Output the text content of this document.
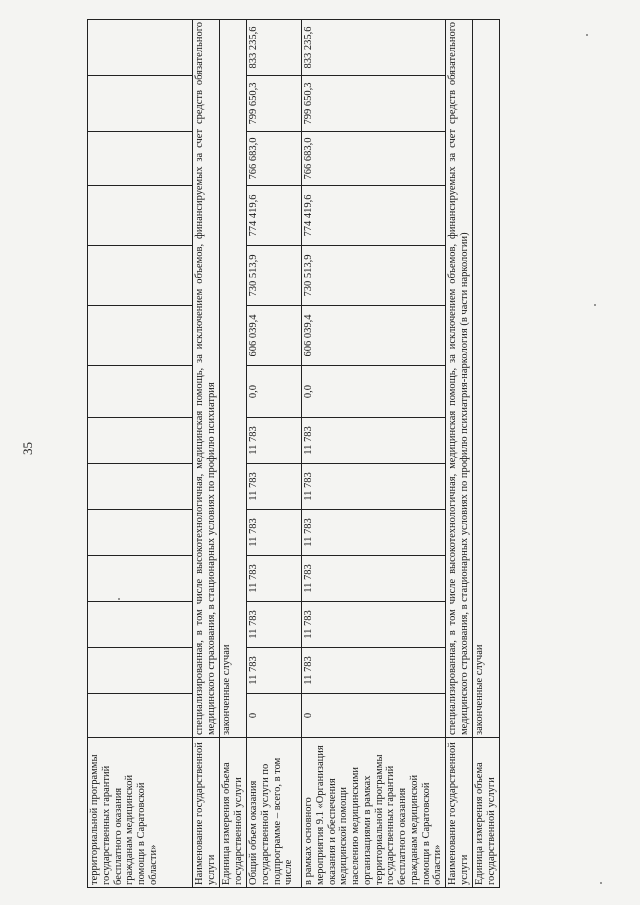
35
территориальной программы государственных гарантий бесплатного оказания гражданам медицинской помощи в Саратовской области»														
Наименование государственной услуги	специализированная, в том числе высокотехнологичная, медицинская помощь, за исключением объемов, финансируемых за счет средств обязательного медицинского страхования, в стационарных условиях по профилю психиатрия													
Единица измерения объема государственной услуги	законченные случаи													
Общий объем оказания государственной услуги по подпрограмме – всего, в том числе	0	11 783	11 783	11 783	11 783	11 783	11 783	0,0	606 039,4	730 513,9	774 419,6	766 683,0	799 650,3	833 235,6
в рамках основного мероприятия 9.1 «Организация оказания и обеспечения медицинской помощи населению медицинскими организациями в рамках территориальной программы государственных гарантий бесплатного оказания гражданам медицинской помощи в Саратовской области»	0	11 783	11 783	11 783	11 783	11 783	11 783	0,0	606 039,4	730 513,9	774 419,6	766 683,0	799 650,3	833 235,6
Наименование государственной услуги	специализированная, в том числе высокотехнологичная, медицинская помощь, за исключением объемов, финансируемых за счет средств обязательного медицинского страхования, в стационарных условиях по профилю психиатрия-наркология (в части наркологии)													
Единица измерения объема государственной услуги	законченные случаи													
